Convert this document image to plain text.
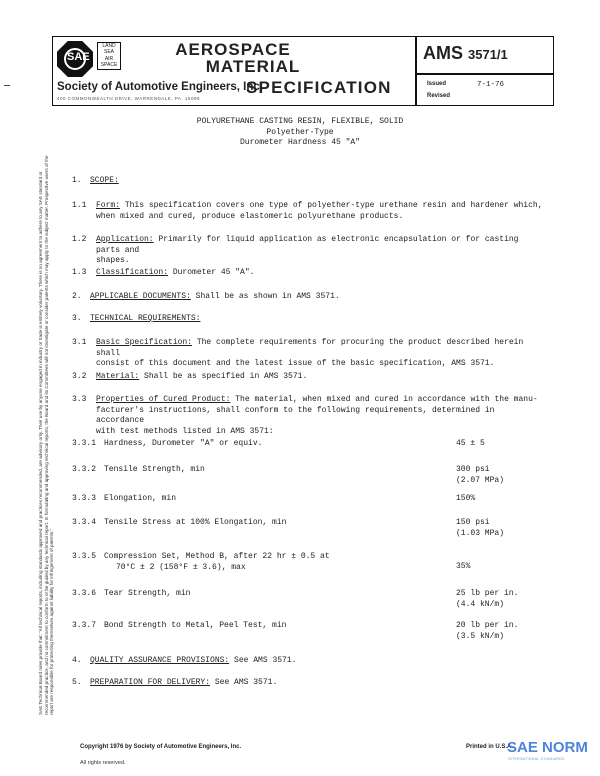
SAE
LAND
SEA
AIR
SPACE
AEROSPACE
MATERIAL
Society of Automotive Engineers, Inc.
SPECIFICATION
400 COMMONWEALTH DRIVE, WARRENDALE, PA. 15096
AMS 3571/1
Issued	7-1-76
Revised
SAE Technical Board rules provide that: "All technical reports, including standards approved and practices recommended, are advisory only. Their use by anyone engaged in industry or trade is entirely voluntary. There is no agreement to adhere to any SAE standard or recommended practice, and no commitment to conform to or be guided by any technical report. In formulating and approving technical reports, the Board and its Committees will not investigate or consider patents which may apply to the subject matter. Prospective users of the report are responsible for protecting themselves against liability for infringement of patents."
POLYURETHANE CASTING RESIN, FLEXIBLE, SOLID
Polyether-Type
Durometer Hardness 45 "A"
1. SCOPE:
1.1 Form: This specification covers one type of polyether-type urethane resin and hardener which,
when mixed and cured, produce elastomeric polyurethane products.
1.2 Application: Primarily for liquid application as electronic encapsulation or for casting parts and
shapes.
1.3 Classification: Durometer 45 "A".
2. APPLICABLE DOCUMENTS: Shall be as shown in AMS 3571.
3. TECHNICAL REQUIREMENTS:
3.1 Basic Specification: The complete requirements for procuring the product described herein shall
consist of this document and the latest issue of the basic specification, AMS 3571.
3.2 Material: Shall be as specified in AMS 3571.
3.3 Properties of Cured Product: The material, when mixed and cured in accordance with the manu-
facturer's instructions, shall conform to the following requirements, determined in accordance
with test methods listed in AMS 3571:
3.3.1 Hardness, Durometer "A" or equiv.	45 ± 5
3.3.2 Tensile Strength, min	300 psi
(2.07 MPa)
3.3.3 Elongation, min	150%
3.3.4 Tensile Stress at 100% Elongation, min	150 psi
(1.03 MPa)
3.3.5 Compression Set, Method B, after 22 hr ± 0.5 at
70°C ± 2 (158°F ± 3.6), max	35%
3.3.6 Tear Strength, min	25 lb per in.
(4.4 kN/m)
3.3.7 Bond Strength to Metal, Peel Test, min	20 lb per in.
(3.5 kN/m)
4. QUALITY ASSURANCE PROVISIONS: See AMS 3571.
5. PREPARATION FOR DELIVERY: See AMS 3571.
Copyright 1976 by Society of Automotive Engineers, Inc.
All rights reserved.
Printed in U.S.A.
SAE NORM
INTERNATIONAL STANDARDS
